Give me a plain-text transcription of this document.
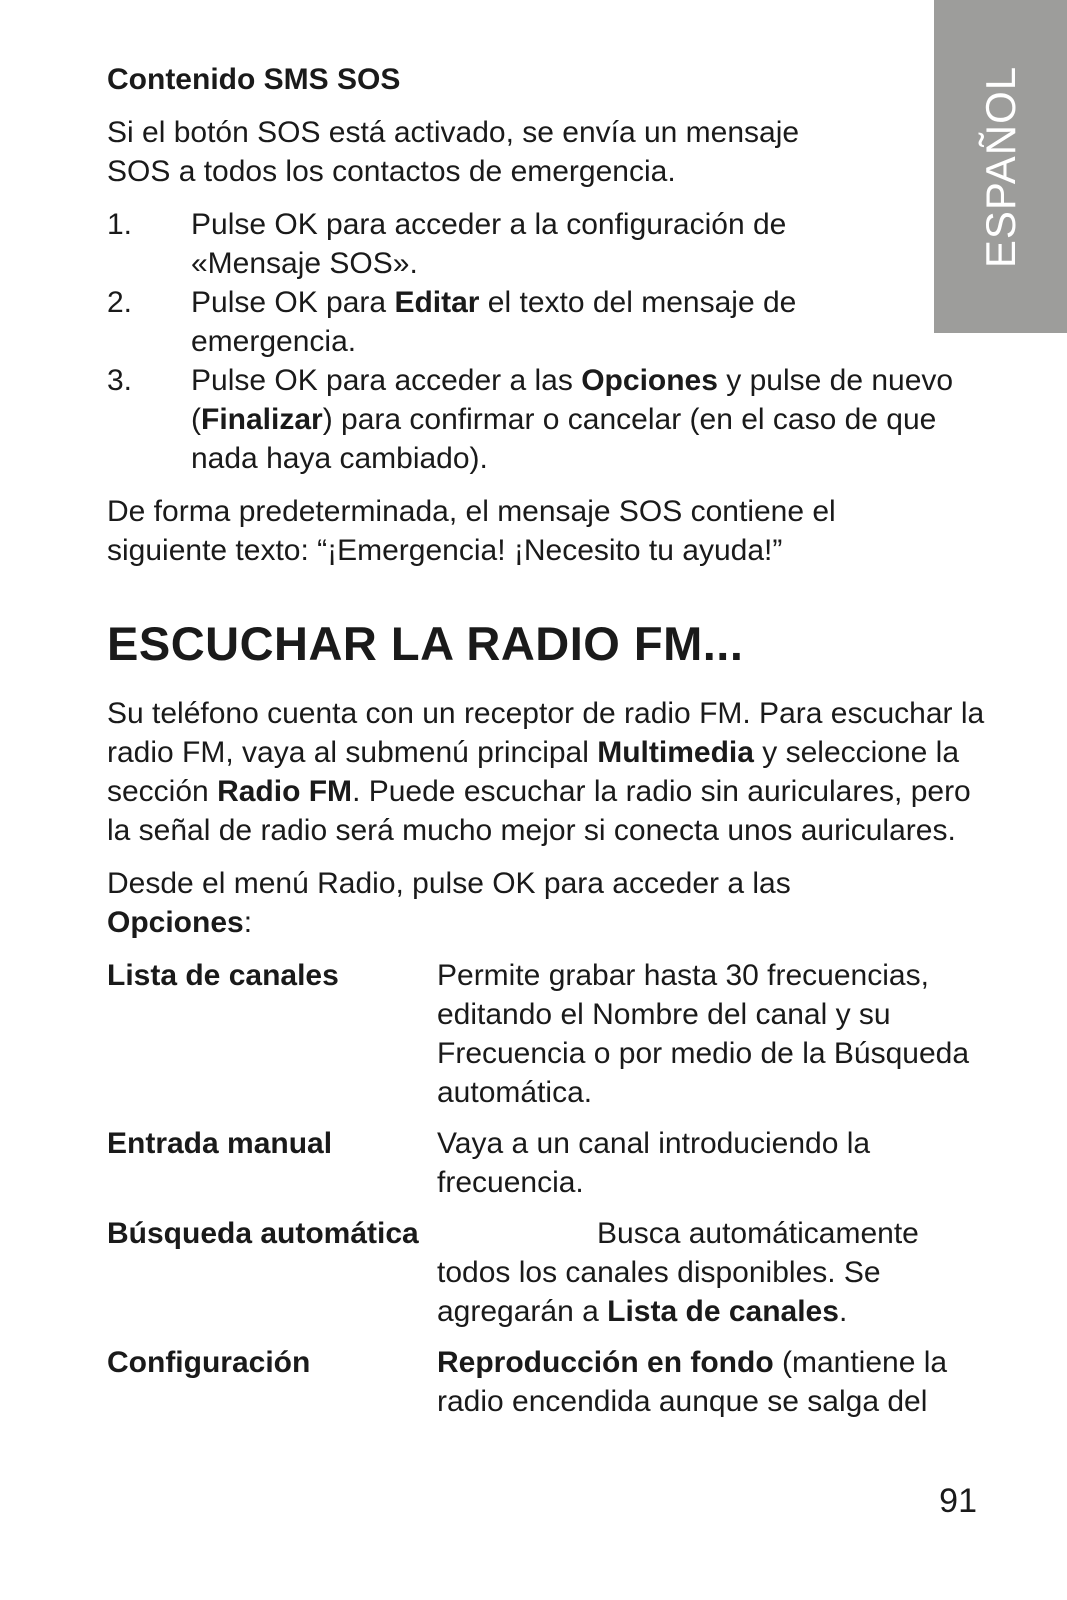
ESPAÑOL
Contenido SMS SOS

Si el botón SOS está activado, se envía un mensaje SOS a todos los contactos de emergencia.

1.	Pulse OK para acceder a la configuración de «Mensaje SOS».
2.	Pulse OK para Editar el texto del mensaje de emergencia.
3.	Pulse OK para acceder a las Opciones y pulse de nuevo (Finalizar) para confirmar o cancelar (en el caso de que nada haya cambiado).

De forma predeterminada, el mensaje SOS contiene el siguiente texto: “¡Emergencia! ¡Necesito tu ayuda!”

ESCUCHAR LA RADIO FM...

Su teléfono cuenta con un receptor de radio FM. Para escuchar la radio FM, vaya al submenú principal Multimedia y seleccione la sección Radio FM. Puede escuchar la radio sin auriculares, pero la señal de radio será mucho mejor si conecta unos auriculares.

Desde el menú Radio, pulse OK para acceder a las Opciones:

Lista de canales	Permite grabar hasta 30 frecuencias, editando el Nombre del canal y su Frecuencia o por medio de la Búsqueda automática.
Entrada manual	Vaya a un canal introduciendo la frecuencia.
Búsqueda automática	Busca automáticamente
todos los canales disponibles. Se agregarán a Lista de canales.
Configuración	Reproducción en fondo (mantiene la radio encendida aunque se salga del
91
